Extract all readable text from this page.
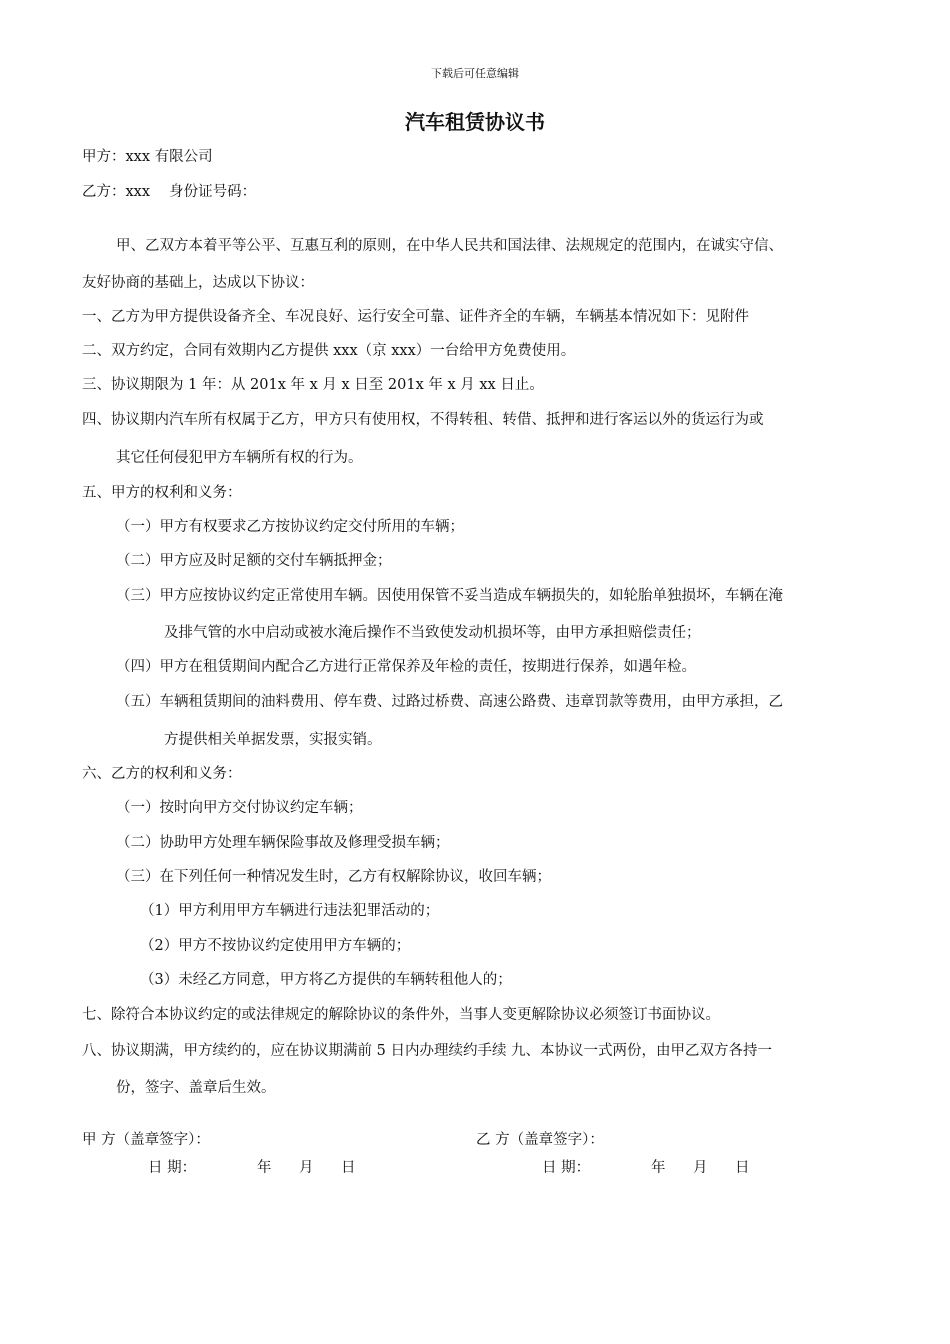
下载后可任意编辑
汽车租赁协议书
甲方：xxx 有限公司
乙方：xxx　 身份证号码：
甲、乙双方本着平等公平、互惠互利的原则，在中华人民共和国法律、法规规定的范围内，在诚实守信、
友好协商的基础上，达成以下协议：
一、乙方为甲方提供设备齐全、车况良好、运行安全可靠、证件齐全的车辆，车辆基本情况如下：见附件
二、双方约定，合同有效期内乙方提供 xxx（京 xxx）一台给甲方免费使用。
三、协议期限为 1 年：从 201x 年 x 月 x 日至 201x 年 x 月 xx 日止。
四、协议期内汽车所有权属于乙方，甲方只有使用权，不得转租、转借、抵押和进行客运以外的货运行为或
其它任何侵犯甲方车辆所有权的行为。
五、甲方的权利和义务：
（一）甲方有权要求乙方按协议约定交付所用的车辆；
（二）甲方应及时足额的交付车辆抵押金；
（三）甲方应按协议约定正常使用车辆。因使用保管不妥当造成车辆损失的，如轮胎单独损坏，车辆在淹
及排气管的水中启动或被水淹后操作不当致使发动机损坏等，由甲方承担赔偿责任；
（四）甲方在租赁期间内配合乙方进行正常保养及年检的责任，按期进行保养，如遇年检。
（五）车辆租赁期间的油料费用、停车费、过路过桥费、高速公路费、违章罚款等费用，由甲方承担，乙
方提供相关单据发票，实报实销。
六、乙方的权利和义务：
（一）按时向甲方交付协议约定车辆；
（二）协助甲方处理车辆保险事故及修理受损车辆；
（三）在下列任何一种情况发生时，乙方有权解除协议，收回车辆；
（1）甲方利用甲方车辆进行违法犯罪活动的；
（2）甲方不按协议约定使用甲方车辆的；
（3）未经乙方同意，甲方将乙方提供的车辆转租他人的；
七、除符合本协议约定的或法律规定的解除协议的条件外，当事人变更解除协议必须签订书面协议。
八、协议期满，甲方续约的，应在协议期满前 5 日内办理续约手续 九、本协议一式两份，由甲乙双方各持一
份，签字、盖章后生效。
甲 方（盖章签字）：	乙 方（盖章签字）：
日 期：	年 月 日	日 期：	年 月 日
